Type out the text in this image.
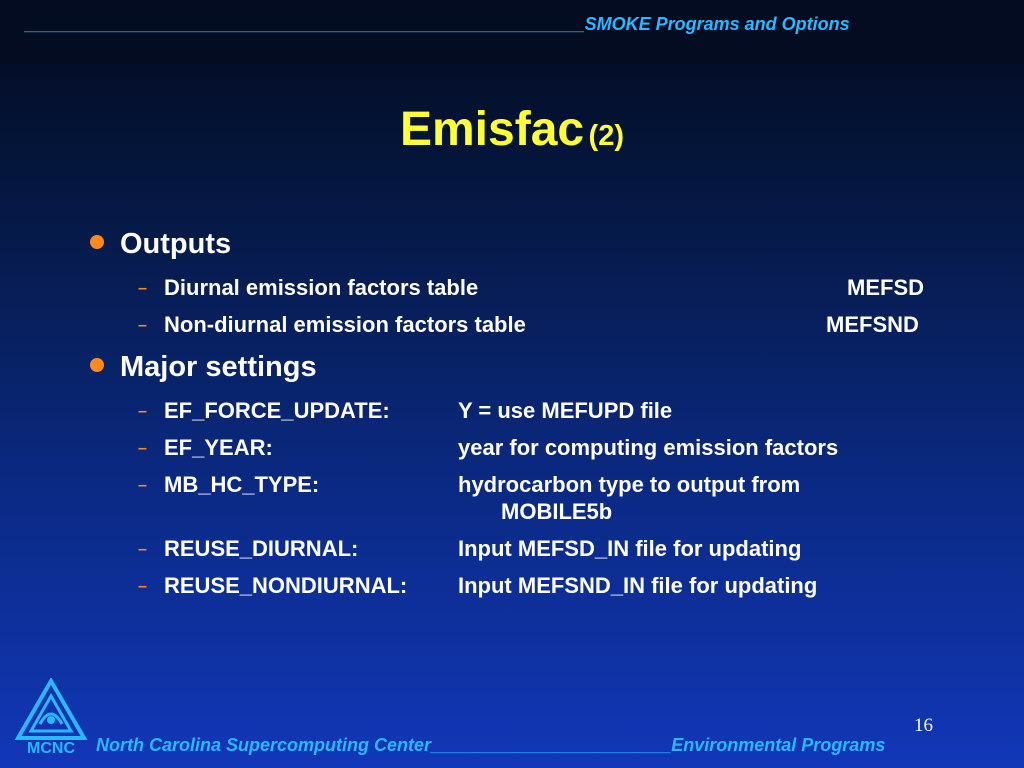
________________________________________________________SMOKE Programs and Options
Emisfac (2)
Outputs
– Diurnal emission factors table	MEFSD
– Non-diurnal emission factors table	MEFSND
Major settings
– EF_FORCE_UPDATE:	Y = use MEFUPD file
– EF_YEAR:	year for computing emission factors
– MB_HC_TYPE:	hydrocarbon type to output from
MOBILE5b
– REUSE_DIURNAL:	Input MEFSD_IN file for updating
– REUSE_NONDIURNAL: Input MEFSND_IN file for updating
MCNC
16
North Carolina Supercomputing Center________________________Environmental Programs
